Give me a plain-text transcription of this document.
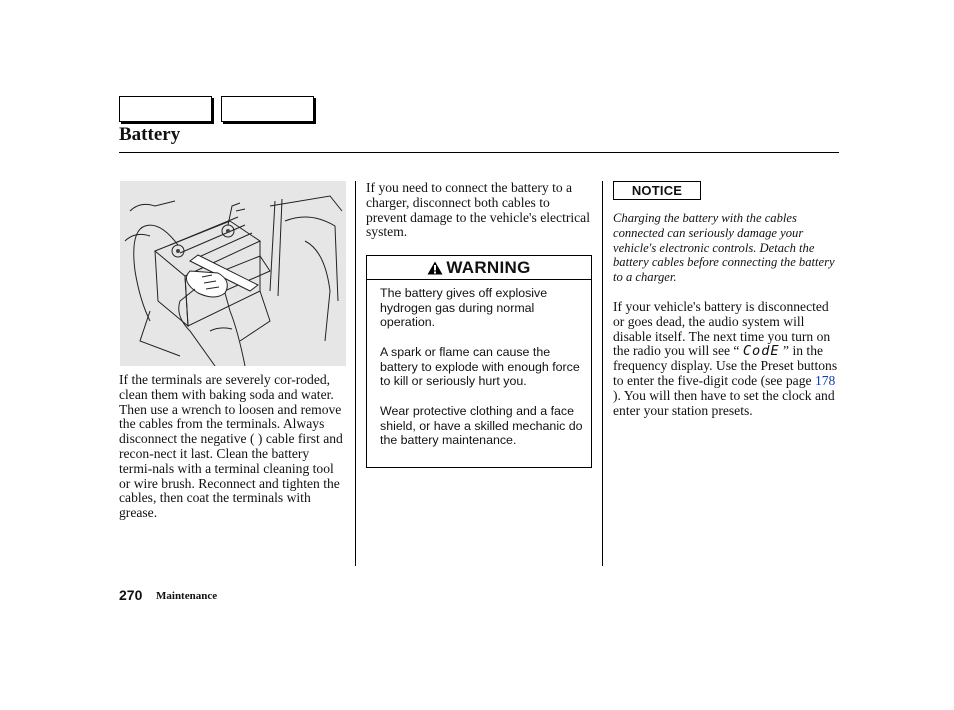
Battery

If the terminals are severely cor-roded, clean them with baking soda and water. Then use a wrench to loosen and remove the cables from the terminals. Always disconnect the negative ( ) cable first and recon-nect it last. Clean the battery termi-nals with a terminal cleaning tool or wire brush. Reconnect and tighten the cables, then coat the terminals with grease.

If you need to connect the battery to a charger, disconnect both cables to prevent damage to the vehicle's electrical system.

WARNING

The battery gives off explosive hydrogen gas during normal operation.

A spark or flame can cause the battery to explode with enough force to kill or seriously hurt you.

Wear protective clothing and a face shield, or have a skilled mechanic do the battery maintenance.

NOTICE

Charging the battery with the cables connected can seriously damage your vehicle's electronic controls. Detach the battery cables before connecting the battery to a charger.

If your vehicle's battery is disconnected or goes dead, the audio system will disable itself. The next time you turn on the radio you will see “ CodE ” in the frequency display. Use the Preset buttons to enter the five-digit code (see page 178 ). You will then have to set the clock and enter your station presets.

270 Maintenance
